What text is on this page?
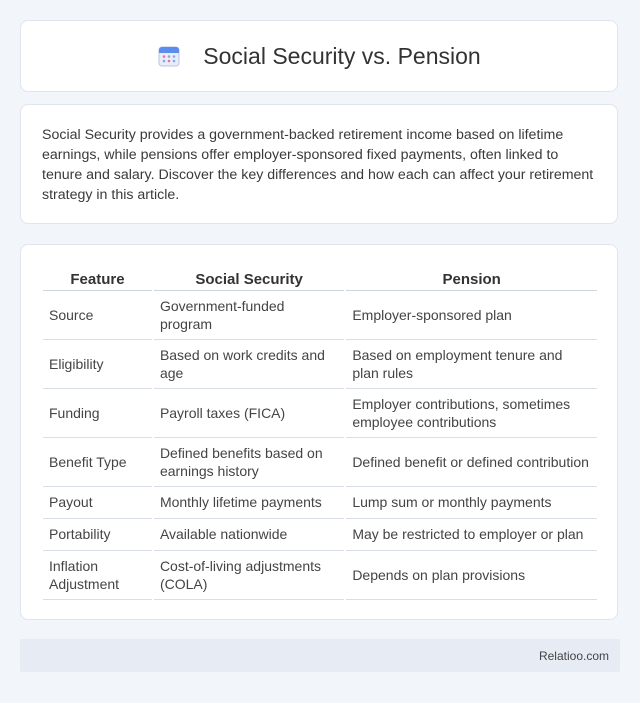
Social Security vs. Pension

Social Security provides a government-backed retirement income based on lifetime earnings, while pensions offer employer-sponsored fixed payments, often linked to tenure and salary. Discover the key differences and how each can affect your retirement strategy in this article.

Feature	Social Security	Pension
Source	Government-funded program	Employer-sponsored plan
Eligibility	Based on work credits and age	Based on employment tenure and plan rules
Funding	Payroll taxes (FICA)	Employer contributions, sometimes employee contributions
Benefit Type	Defined benefits based on earnings history	Defined benefit or defined contribution
Payout	Monthly lifetime payments	Lump sum or monthly payments
Portability	Available nationwide	May be restricted to employer or plan
Inflation Adjustment	Cost-of-living adjustments (COLA)	Depends on plan provisions
Relatioo.com
